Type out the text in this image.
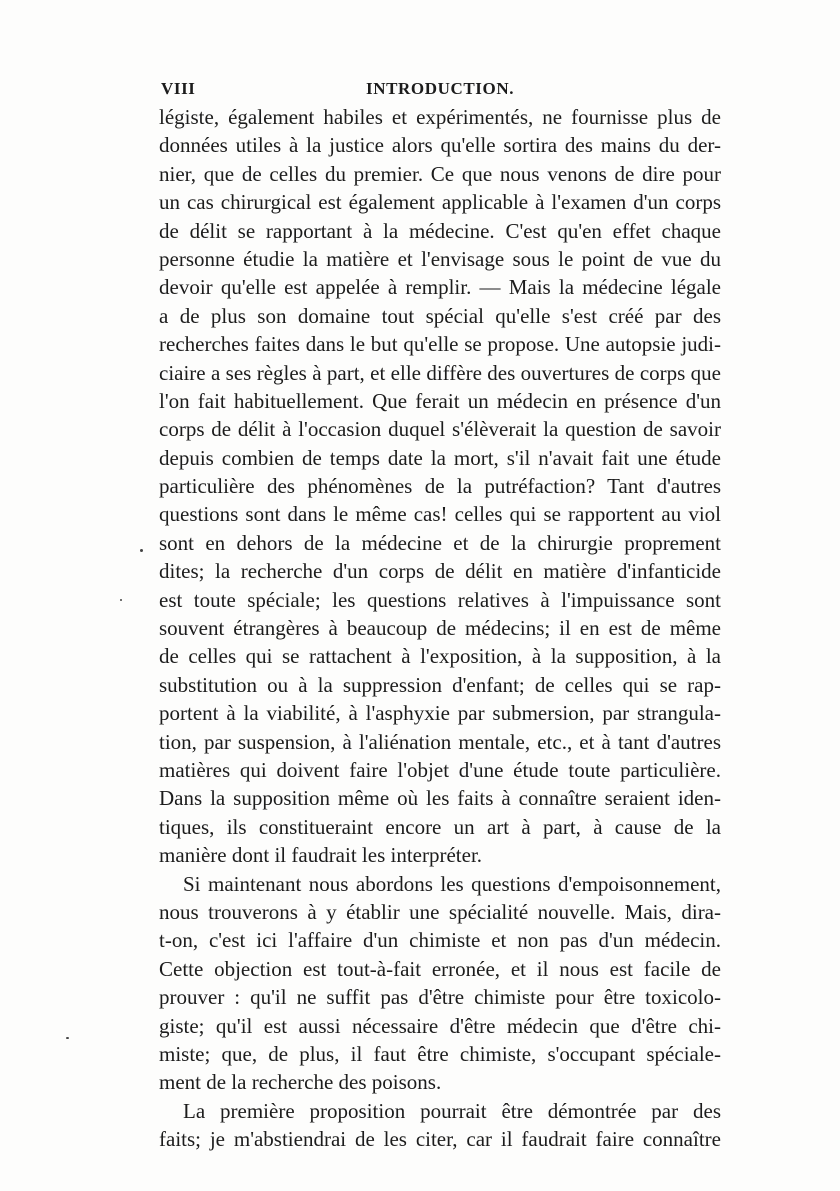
VIII	INTRODUCTION.
légiste, également habiles et expérimentés, ne fournisse plus de
données utiles à la justice alors qu'elle sortira des mains du der-
nier, que de celles du premier. Ce que nous venons de dire pour
un cas chirurgical est également applicable à l'examen d'un corps
de délit se rapportant à la médecine. C'est qu'en effet chaque
personne étudie la matière et l'envisage sous le point de vue du
devoir qu'elle est appelée à remplir. — Mais la médecine légale
a de plus son domaine tout spécial qu'elle s'est créé par des
recherches faites dans le but qu'elle se propose. Une autopsie judi-
ciaire a ses règles à part, et elle diffère des ouvertures de corps que
l'on fait habituellement. Que ferait un médecin en présence d'un
corps de délit à l'occasion duquel s'élèverait la question de savoir
depuis combien de temps date la mort, s'il n'avait fait une étude
particulière des phénomènes de la putréfaction? Tant d'autres
questions sont dans le même cas! celles qui se rapportent au viol
sont en dehors de la médecine et de la chirurgie proprement
dites; la recherche d'un corps de délit en matière d'infanticide
est toute spéciale; les questions relatives à l'impuissance sont
souvent étrangères à beaucoup de médecins; il en est de même
de celles qui se rattachent à l'exposition, à la supposition, à la
substitution ou à la suppression d'enfant; de celles qui se rap-
portent à la viabilité, à l'asphyxie par submersion, par strangula-
tion, par suspension, à l'aliénation mentale, etc., et à tant d'autres
matières qui doivent faire l'objet d'une étude toute particulière.
Dans la supposition même où les faits à connaître seraient iden-
tiques, ils constitueraint encore un art à part, à cause de la
manière dont il faudrait les interpréter.
Si maintenant nous abordons les questions d'empoisonnement,
nous trouverons à y établir une spécialité nouvelle. Mais, dira-
t-on, c'est ici l'affaire d'un chimiste et non pas d'un médecin.
Cette objection est tout-à-fait erronée, et il nous est facile de
prouver : qu'il ne suffit pas d'être chimiste pour être toxicolo-
giste; qu'il est aussi nécessaire d'être médecin que d'être chi-
miste; que, de plus, il faut être chimiste, s'occupant spéciale-
ment de la recherche des poisons.
La première proposition pourrait être démontrée par des
faits; je m'abstiendrai de les citer, car il faudrait faire connaître
